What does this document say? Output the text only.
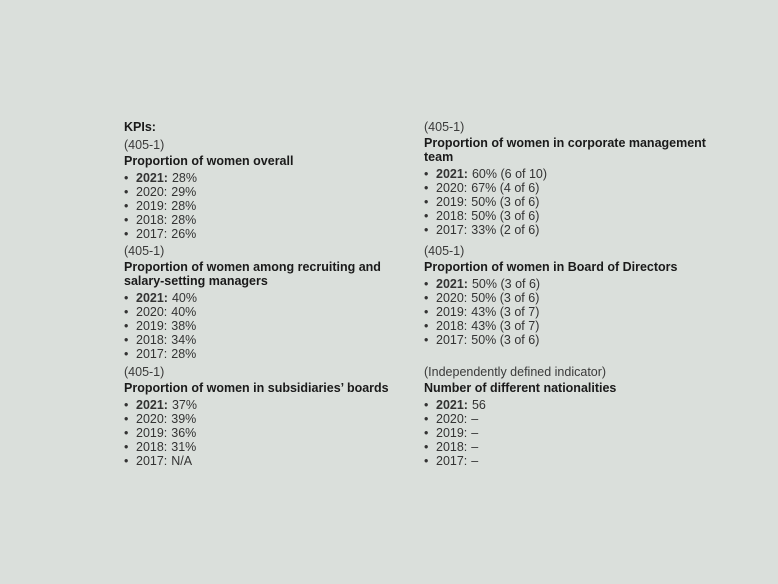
KPIs:

(405-1)

Proportion of women overall

• 2021: 28%
• 2020: 29%
• 2019: 28%
• 2018: 28%
• 2017: 26%

(405-1)

Proportion of women among recruiting and salary-setting managers

• 2021: 40%
• 2020: 40%
• 2019: 38%
• 2018: 34%
• 2017: 28%

(405-1)

Proportion of women in subsidiaries’ boards

• 2021: 37%
• 2020: 39%
• 2019: 36%
• 2018: 31%
• 2017: N/A

(405-1)

Proportion of women in corporate management team

• 2021: 60% (6 of 10)
• 2020: 67% (4 of 6)
• 2019: 50% (3 of 6)
• 2018: 50% (3 of 6)
• 2017: 33% (2 of 6)

(405-1)

Proportion of women in Board of Directors

• 2021: 50% (3 of 6)
• 2020: 50% (3 of 6)
• 2019: 43% (3 of 7)
• 2018: 43% (3 of 7)
• 2017: 50% (3 of 6)

(Independently defined indicator)

Number of different nationalities

• 2021: 56
• 2020: –
• 2019: –
• 2018: –
• 2017: –
